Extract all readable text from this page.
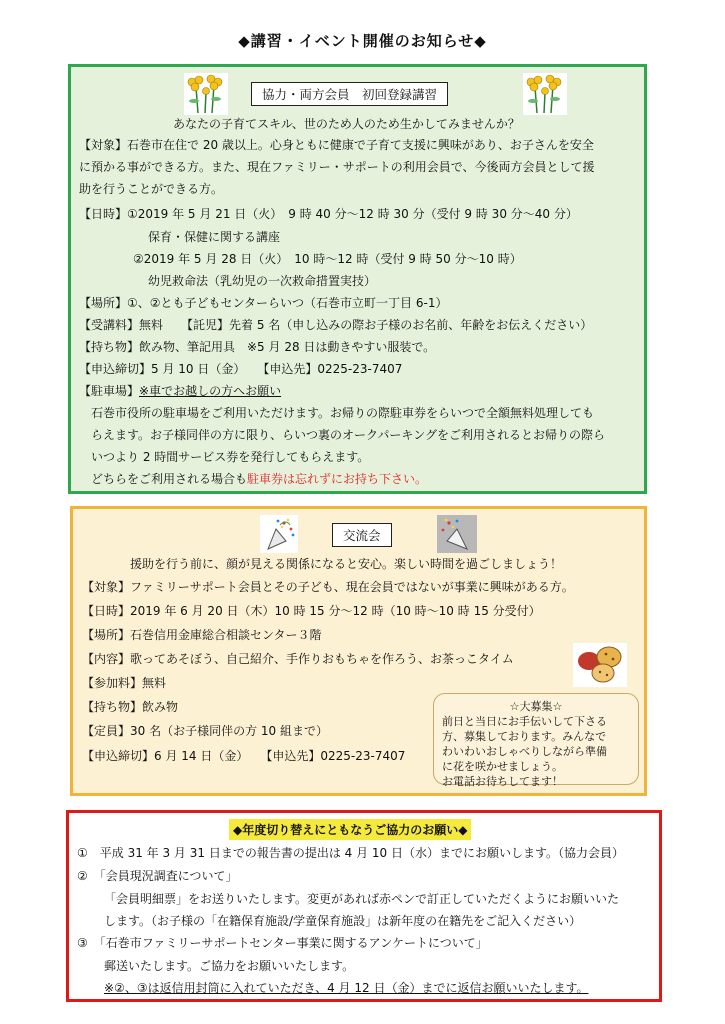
◆講習・イベント開催のお知らせ◆
協力・両方会員　初回登録講習
あなたの子育てスキル、世のため人のため生かしてみませんか？
【対象】石巻市在住で 20 歳以上。心身ともに健康で子育て支援に興味があり、お子さんを安全
に預かる事ができる方。また、現在ファミリー・サポートの利用会員で、今後両方会員として援
助を行うことができる方。
【日時】①2019 年 5 月 21 日（火）　9 時 40 分～12 時 30 分（受付 9 時 30 分～40 分）
保育・保健に関する講座
②2019 年 5 月 28 日（火）　10 時～12 時（受付 9 時 50 分～10 時）
幼児救命法（乳幼児の一次救命措置実技）
【場所】①、②とも子どもセンターらいつ（石巻市立町一丁目 6-1）
【受講料】無料　　【託児】先着 5 名（申し込みの際お子様のお名前、年齢をお伝えください）
【持ち物】飲み物、筆記用具　※5 月 28 日は動きやすい服装で。
【申込締切】5 月 10 日（金）　　【申込先】0225-23-7407
【駐車場】※車でお越しの方へお願い
石巻市役所の駐車場をご利用いただけます。お帰りの際駐車券をらいつで全額無料処理しても
らえます。お子様同伴の方に限り、らいつ裏のオークパーキングをご利用されるとお帰りの際ら
いつより 2 時間サービス券を発行してもらえます。
どちらをご利用される場合も駐車券は忘れずにお持ち下さい。
交流会
援助を行う前に、顔が見える関係になると安心。楽しい時間を過ごしましょう！
【対象】ファミリーサポート会員とその子ども、現在会員ではないが事業に興味がある方。
【日時】2019 年 6 月 20 日（木）10 時 15 分～12 時（10 時～10 時 15 分受付）
【場所】石巻信用金庫総合相談センター３階
【内容】歌ってあそぼう、自己紹介、手作りおもちゃを作ろう、お茶っこタイム
【参加料】無料
【持ち物】飲み物
【定員】30 名（お子様同伴の方 10 組まで）
【申込締切】6 月 14 日（金）　　【申込先】0225-23-7407
☆大募集☆
前日と当日にお手伝いして下さる
方、募集しております。みんなで
わいわいおしゃべりしながら準備
に花を咲かせましょう。
お電話お待ちしてます！
◆年度切り替えにともなうご協力のお願い◆
①　平成 31 年 3 月 31 日までの報告書の提出は 4 月 10 日（水）までにお願いします。（協力会員）
②　「会員現況調査について」
「会員明細票」をお送りいたします。変更があれば赤ペンで訂正していただくようにお願いいた
します。（お子様の「在籍保育施設/学童保育施設」は新年度の在籍先をご記入ください）
③　「石巻市ファミリーサポートセンター事業に関するアンケートについて」
郵送いたします。ご協力をお願いいたします。
※②、③は返信用封筒に入れていただき、4 月 12 日（金）までに返信お願いいたします。
